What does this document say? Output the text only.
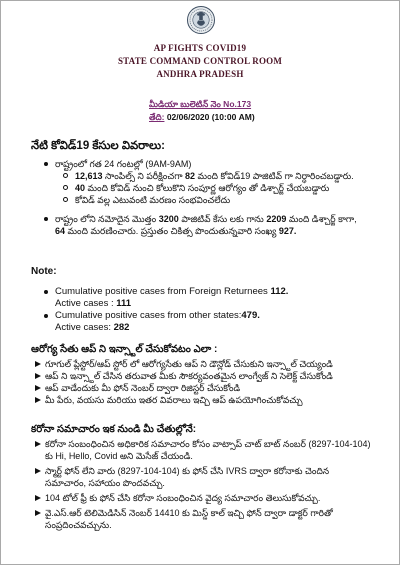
AP FIGHTS COVID19
STATE COMMAND CONTROL ROOM
ANDHRA PRADESH
మీడియా బులెటిన్ నెం No.173
తేది: 02/06/2020 (10:00 AM)
నేటి కోవిడ్19 కేసుల వివరాలు:
రాష్ట్రంలో గత 24 గంటల్లో (9AM-9AM)
12,613 సాంపిల్స్ ని పరీక్షించగా 82 మంది కోవిడ్19 పాజిటివ్ గా నిర్ధారించబడ్డారు.
40 మంది కోవిడ్ నుంచి కోలుకొని సంపూర్ణ ఆరోగ్యం తో డిశ్చార్జ్ చేయబడ్డారు
కోవిడ్ వల్ల ఎటువంటి మరణం సంభవించలేదు
రాష్ట్రం లోని నమోదైన మొత్తం 3200 పాజిటివ్ కేసు లకు గాను 2209 మంది డిశ్చార్జ్ కాగా, 64 మంది మరణించారు. ప్రస్తుతం చికిత్స పొందుతున్నవారి సంఖ్య 927.
Note:
Cumulative positive cases from Foreign Returnees 112.
Active cases : 111
Cumulative positive cases from other states:479.
Active cases: 282
ఆరోగ్య సేతు ఆప్ ని ఇన్స్టాల్ చేసుకోవటం ఎలా :
గూగుల్ ప్లేస్టోర్/ఆప్ స్టోర్ లో ఆరోగ్యసేతు ఆప్ ని డౌన్లోడ్ చేసుకుని ఇన్స్టాల్ చెయ్యండి
ఆప్ ని ఇన్స్టాల్ చేసిన తరువాత మీకు సౌకర్యవంతమైన లాంగ్వేజ్ ని సెలెక్ట్ చేసుకోండి
ఆప్ వాడేందుకు మీ ఫోన్ నెంబర్ ద్వారా రిజిస్టర్ చేసుకోండి
మీ పేరు, వయసు మరియు ఇతర వివరాలు ఇచ్చి ఆప్ ఉపయోగించుకోవచ్చు
కరోనా సమాచారం ఇక నుండి మీ చేతుల్లోనే:
కరోనా సంబంధించిన అధికారిక సమాచారం కోసం వాట్సాప్ చాట్ బాట్ నంబర్ (8297-104-104) కు Hi, Hello, Covid అని మెసేజ్ చేయండి.
స్మార్ట్ ఫోన్ లేని వారు (8297-104-104) కు ఫోన్ చేసి IVRS ద్వారా కరోనాకు చెందిన సమాచారం, సహాయం పొందవచ్చు.
104 టోల్ ఫ్రీ కు ఫోన్ చేసి కరోనా సంబంధించిన వైద్య సమాచారం తెలుసుకోవచ్చు.
వై.ఎస్.ఆర్ టెలిమెడిసిన్ నెంబర్ 14410 కు మిస్డ్ కాల్ ఇచ్చి ఫోన్ ద్వారా డాక్టర్ గారితో సంప్రదించవచ్చును.
